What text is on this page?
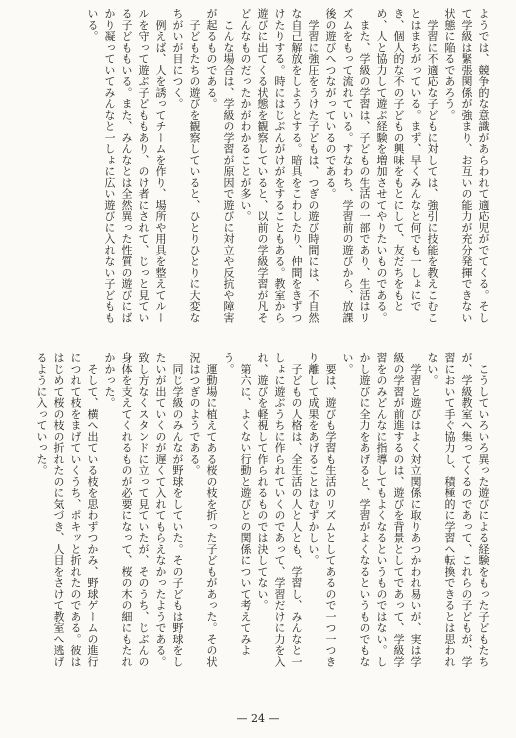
ようでは、競争的な意識があらわれて適応児がでてくる。そして学級は緊張関係が強まり、お互いの能力が充分発揮できない状態に陥るであろう。
　学習に不適応な子どもに対しては、強引に技能を教えこむことはまちがっている。まず、早くみんなと何でも一しょにでき、個人的な不の子どもの興味をもとにして、友だちをもとめ、人と協力して遊ぶ経験を増加させてやりたいものである。
　また、学級の学習は、子どもの生活の一部であり、生活はリズムをもって流れている。すなわち、学習前の遊びから、放課後の遊びへつながっているのである。
　学習に強圧をうけた子どもは、つぎの遊び時間には、不自然な自己解放をしようとする。暗具をこわしたり、仲間をきずつけたりする。時にはじぶんがけがをすることもある。教室から遊びに出てくる状態を観察していると、以前の学級学習が凡そどんなものだったかがわかることが多い。
　こんな場合は、学級の学習が原因で遊びに対立や反抗や障害が起るものである。
　子どもたちの遊びを観察していると、ひとりひとりに大変なちがいが目につく。
　例えば、人を誘ってチームを作り、場所や用具を整えてルールを守って遊ぶ子どももあり、のけ者にされて、じっと見ている子どももいる。また、みんなとは全然異った性質の遊びにばかり凝っていてみんなと一しょに広い遊びに入れない子どももいる。
　こうしていろいろ異った遊びによる経験をもった子どもたちが、学級教室へ集ってくるのであって、これらの子どもが、学習において手ぐ協力し、積極的に学習へ転換できるとは思われない。
　学習と遊びはよく対立関係に取りあつかわれ易いが、実は学級の学習が前進するのは、遊びを背景としてであって、学級学習をのみどんなに指導してもよくなるというものではない。しかし遊びに全力をあげると、学習がよくなるというものでもない。
　要は、遊びも学習も生活のリズムとしてあるので一つ一つきり離して成果をあげることはむずかしい。
　子どもの人格は、全生活の人と人とも、学習し、みんなと一しょに遊ぶうちに作られていくのであって、学習だけに力を入れ、遊びを軽視して作られるものでは決してない。
　第六に、よくない行動と遊びとの関係について考えてみよう。
　運動場に植えてある桜の枝を折った子どもがあった。その状況はつぎのようである。
　同じ学級のみんなが野球をしていた。その子どもは野球をしたいが出ていくのが遅くて入れてもらえなかったようである。致し方なくスタンドに立って見ていたが、そのうち、じぶんの身体を支えてくれるものが必要になって、桜の木の細にもたれかかった。
　そして、横へ出ている枝を思わずつかみ、野球ゲームの進行につれて枝をまげていくうち、ポキッと折れたのである。彼ははじめて桜の枝の折れたのに気づき、人目をさけて教室へ逃げるように入っていった。
— 24 —
